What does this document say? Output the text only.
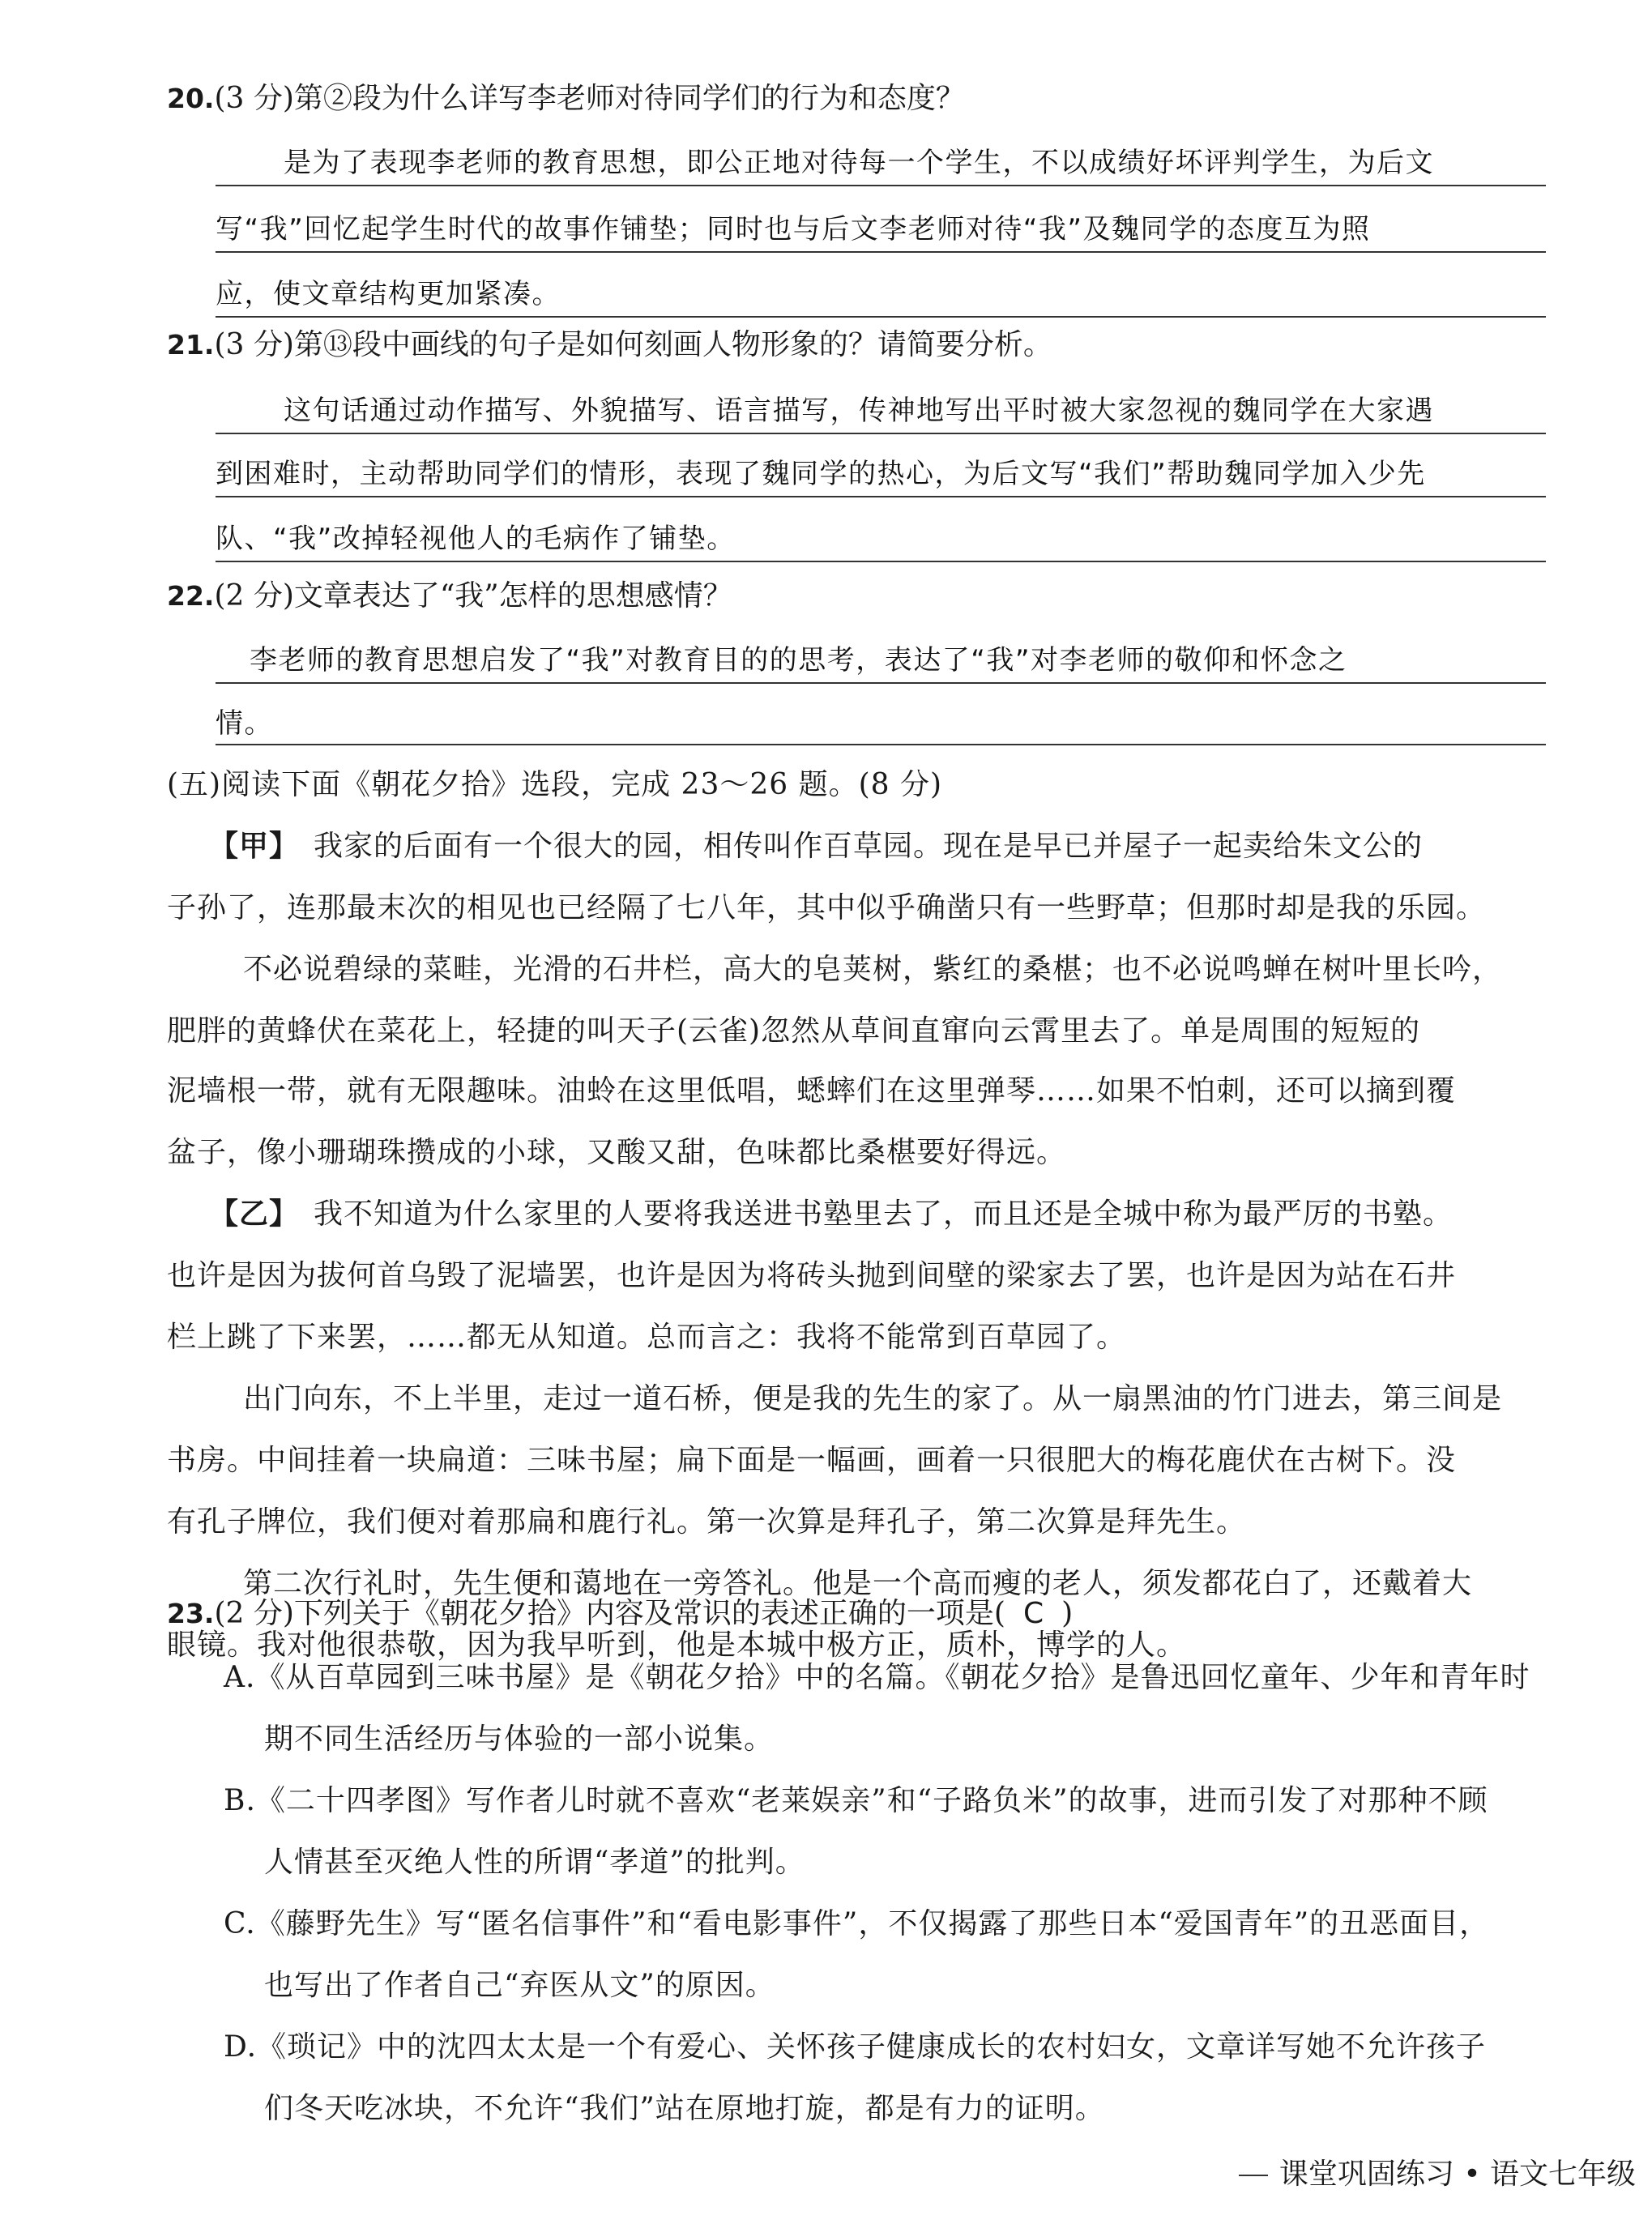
20.(3 分)第②段为什么详写李老师对待同学们的行为和态度？
是为了表现李老师的教育思想，即公正地对待每一个学生，不以成绩好坏评判学生，为后文
写“我”回忆起学生时代的故事作铺垫；同时也与后文李老师对待“我”及魏同学的态度互为照
应，使文章结构更加紧凑。
21.(3 分)第⑬段中画线的句子是如何刻画人物形象的？请简要分析。
这句话通过动作描写、外貌描写、语言描写，传神地写出平时被大家忽视的魏同学在大家遇
到困难时，主动帮助同学们的情形，表现了魏同学的热心，为后文写“我们”帮助魏同学加入少先
队、“我”改掉轻视他人的毛病作了铺垫。
22.(2 分)文章表达了“我”怎样的思想感情？
李老师的教育思想启发了“我”对教育目的的思考，表达了“我”对李老师的敬仰和怀念之
情。
(五)阅读下面《朝花夕拾》选段，完成 23～26 题。(8 分)
【甲】 我家的后面有一个很大的园，相传叫作百草园。现在是早已并屋子一起卖给朱文公的
子孙了，连那最末次的相见也已经隔了七八年，其中似乎确凿只有一些野草；但那时却是我的乐园。
不必说碧绿的菜畦，光滑的石井栏，高大的皂荚树，紫红的桑椹；也不必说鸣蝉在树叶里长吟，
肥胖的黄蜂伏在菜花上，轻捷的叫天子(云雀)忽然从草间直窜向云霄里去了。单是周围的短短的
泥墙根一带，就有无限趣味。油蛉在这里低唱，蟋蟀们在这里弹琴……如果不怕刺，还可以摘到覆
盆子，像小珊瑚珠攒成的小球，又酸又甜，色味都比桑椹要好得远。
【乙】 我不知道为什么家里的人要将我送进书塾里去了，而且还是全城中称为最严厉的书塾。
也许是因为拔何首乌毁了泥墙罢，也许是因为将砖头抛到间壁的梁家去了罢，也许是因为站在石井
栏上跳了下来罢，……都无从知道。总而言之：我将不能常到百草园了。
出门向东，不上半里，走过一道石桥，便是我的先生的家了。从一扇黑油的竹门进去，第三间是
书房。中间挂着一块扁道：三味书屋；扁下面是一幅画，画着一只很肥大的梅花鹿伏在古树下。没
有孔子牌位，我们便对着那扁和鹿行礼。第一次算是拜孔子，第二次算是拜先生。
第二次行礼时，先生便和蔼地在一旁答礼。他是一个高而瘦的老人，须发都花白了，还戴着大
眼镜。我对他很恭敬，因为我早听到，他是本城中极方正，质朴，博学的人。
23.(2 分)下列关于《朝花夕拾》内容及常识的表述正确的一项是( C )
A.《从百草园到三味书屋》是《朝花夕拾》中的名篇。《朝花夕拾》是鲁迅回忆童年、少年和青年时
期不同生活经历与体验的一部小说集。
B.《二十四孝图》写作者儿时就不喜欢“老莱娱亲”和“子路负米”的故事，进而引发了对那种不顾
人情甚至灭绝人性的所谓“孝道”的批判。
C.《藤野先生》写“匿名信事件”和“看电影事件”，不仅揭露了那些日本“爱国青年”的丑恶面目，
也写出了作者自己“弃医从文”的原因。
D.《琐记》中的沈四太太是一个有爱心、关怀孩子健康成长的农村妇女，文章详写她不允许孩子
们冬天吃冰块，不允许“我们”站在原地打旋，都是有力的证明。
课堂巩固练习 • 语文七年级
